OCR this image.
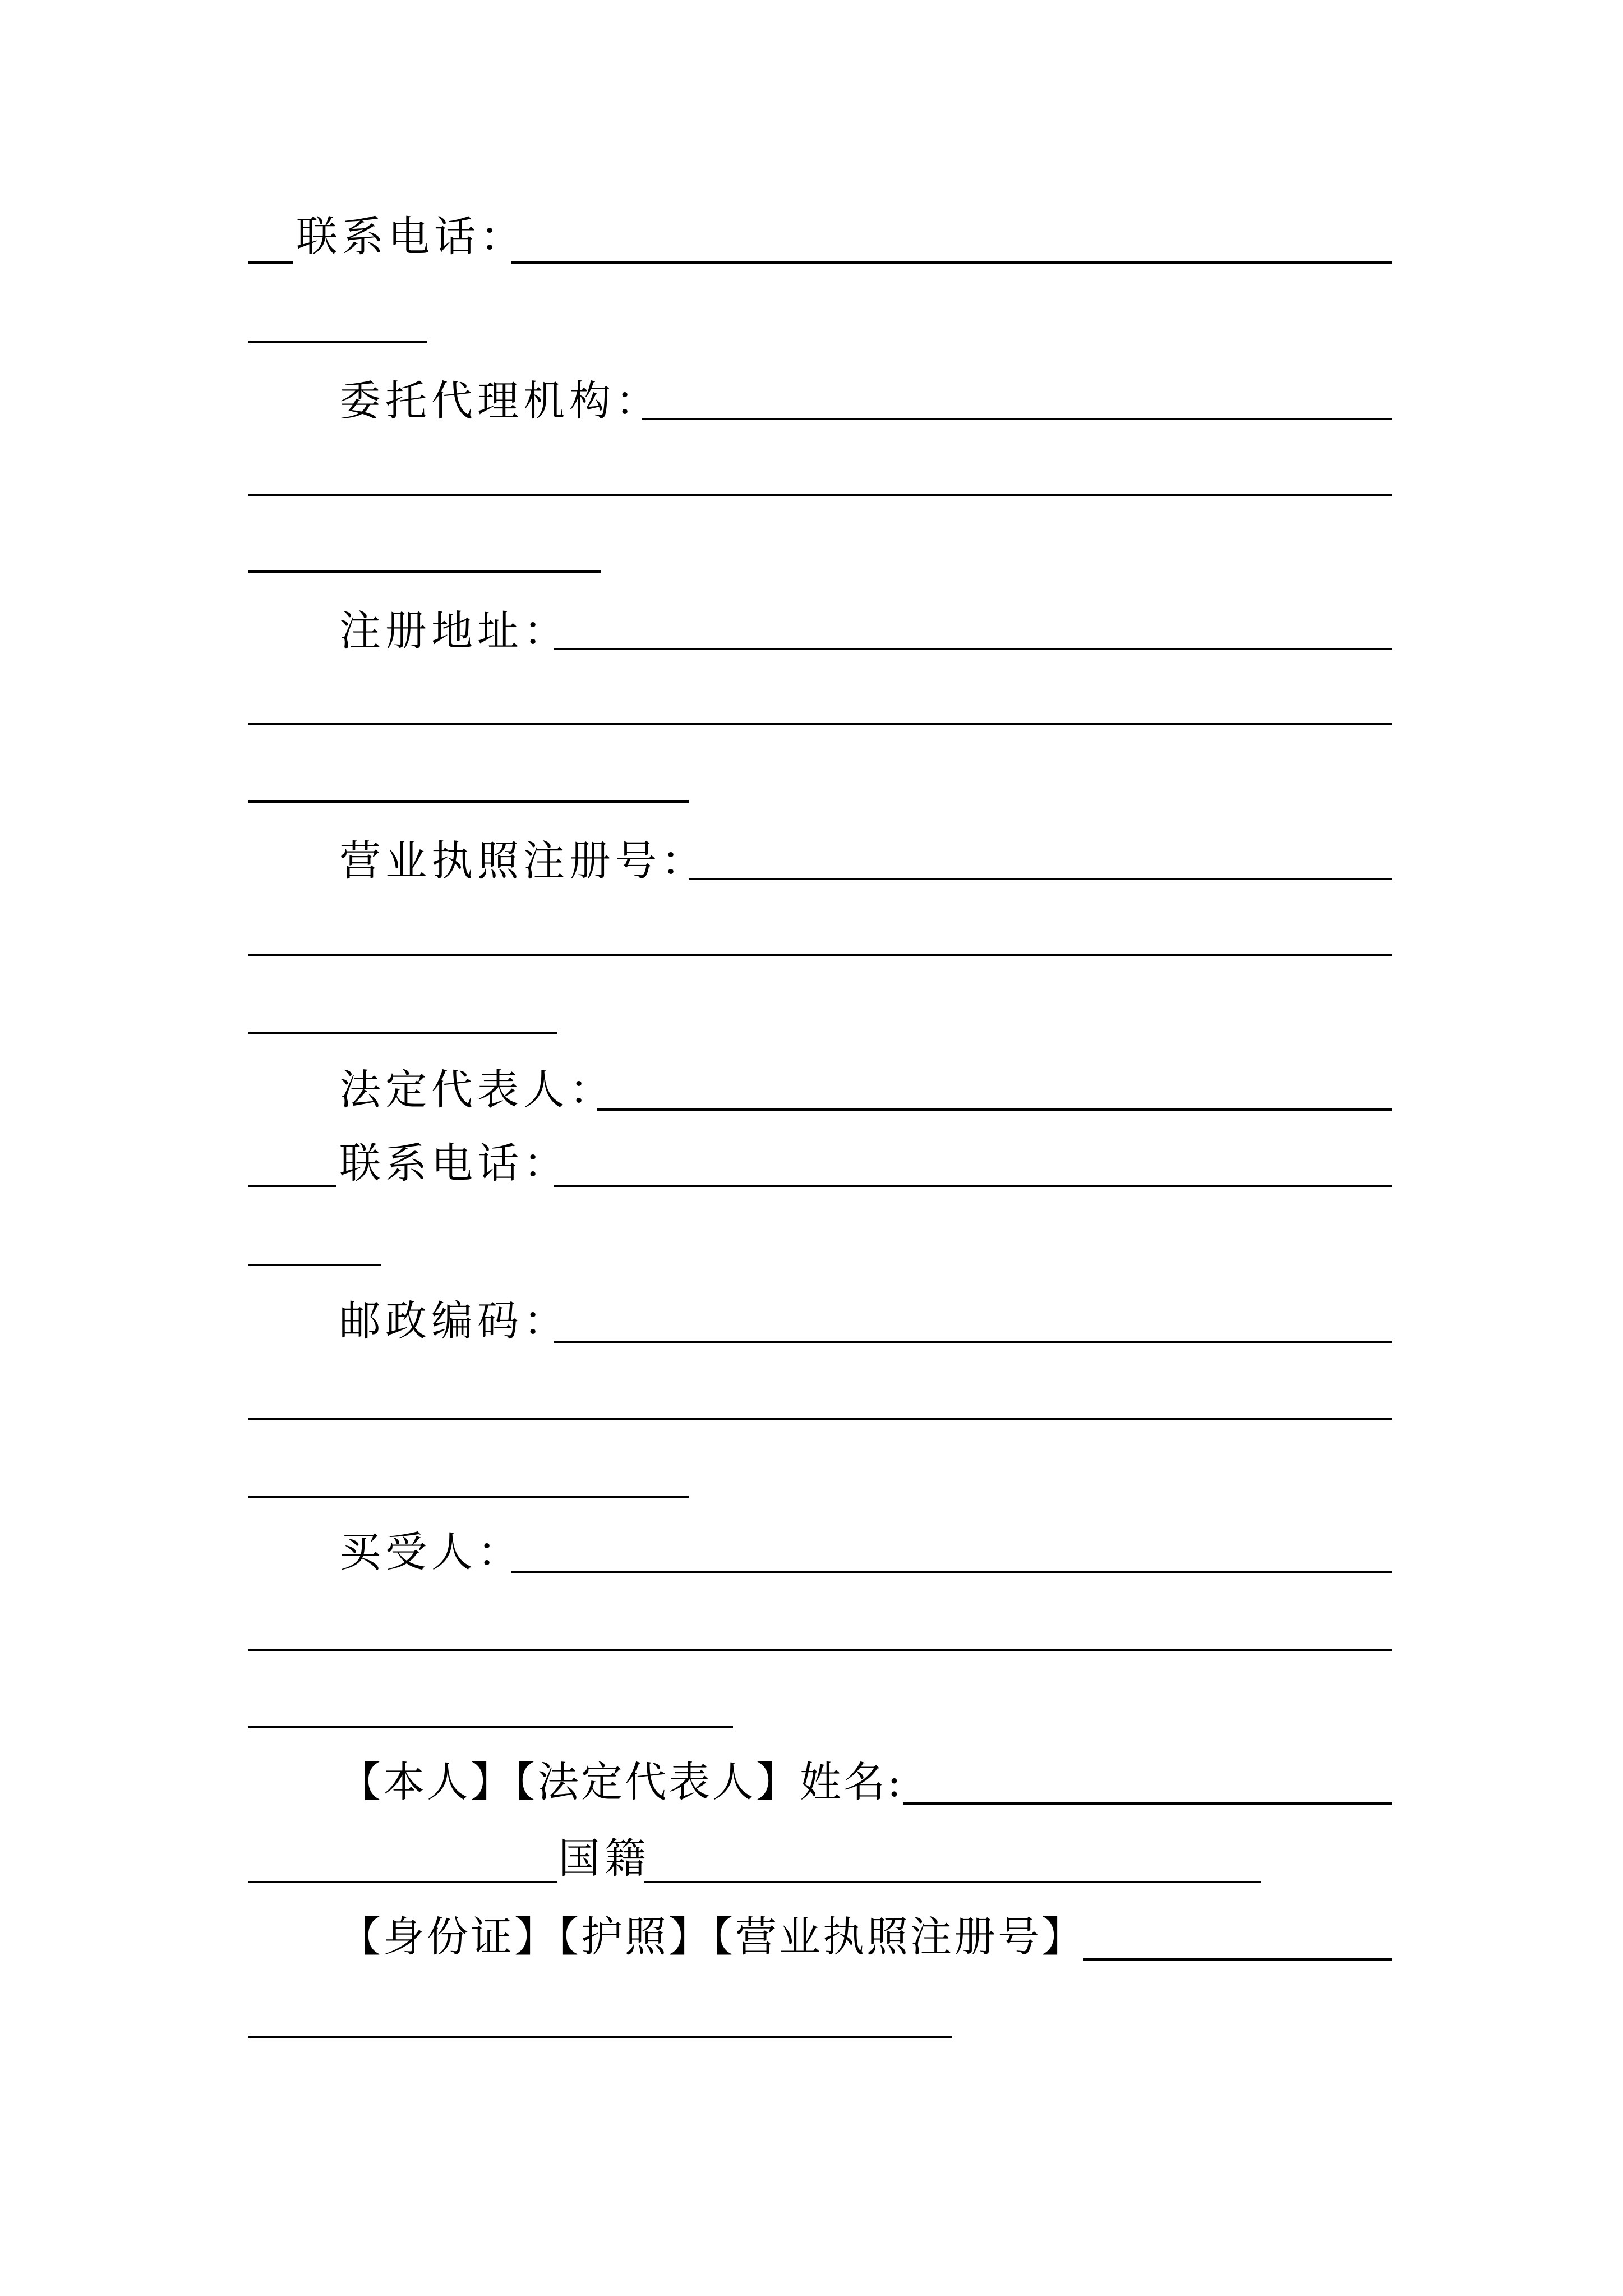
联系电话：
委托代理机构：
注册地址：
营业执照注册号：
法定代表人：
联系电话：
邮政编码：
买受人：
【本人】【法定代表人】姓名:
国籍
【身份证】【护照】【营业执照注册号】
